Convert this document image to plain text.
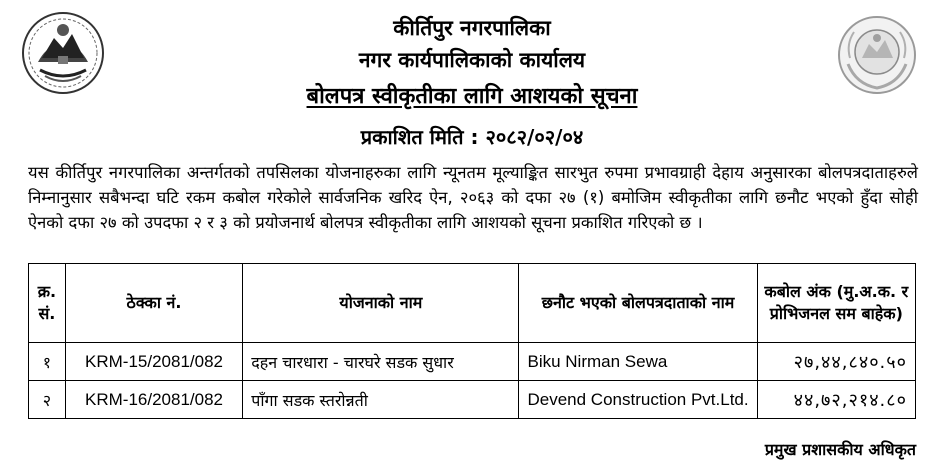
कीर्तिपुर नगरपालिका
नगर कार्यपालिकाको कार्यालय
बोलपत्र स्वीकृतीका लागि आशयको सूचना
प्रकाशित मिति : २०८२/०२/०४
यस कीर्तिपुर नगरपालिका अन्तर्गतको तपसिलका योजनाहरुका लागि न्यूनतम मूल्याङ्कित सारभुत रुपमा प्रभावग्राही देहाय अनुसारका बोलपत्रदाताहरुले निम्नानुसार सबैभन्दा घटि रकम कबोल गरेकोले सार्वजनिक खरिद ऐन, २०६३ को दफा २७ (१) बमोजिम स्वीकृतीका लागि छनौट भएको हुँदा सोही ऐनको दफा २७ को उपदफा २ र ३ को प्रयोजनार्थ बोलपत्र स्वीकृतीका लागि आशयको सूचना प्रकाशित गरिएको छ ।
क्र. सं.	ठेक्का नं.	योजनाको नाम	छनौट भएको बोलपत्रदाताको नाम	कबोल अंक (मु.अ.क. र प्रोभिजनल सम बाहेक)
१	KRM-15/2081/082	दहन चारधारा - चारघरे सडक सुधार	Biku Nirman Sewa	२७,४४,८४०.५०
२	KRM-16/2081/082	पाँगा सडक स्तरोन्नती	Devend Construction Pvt.Ltd.	४४,७२,२१४.८०
प्रमुख प्रशासकीय अधिकृत
